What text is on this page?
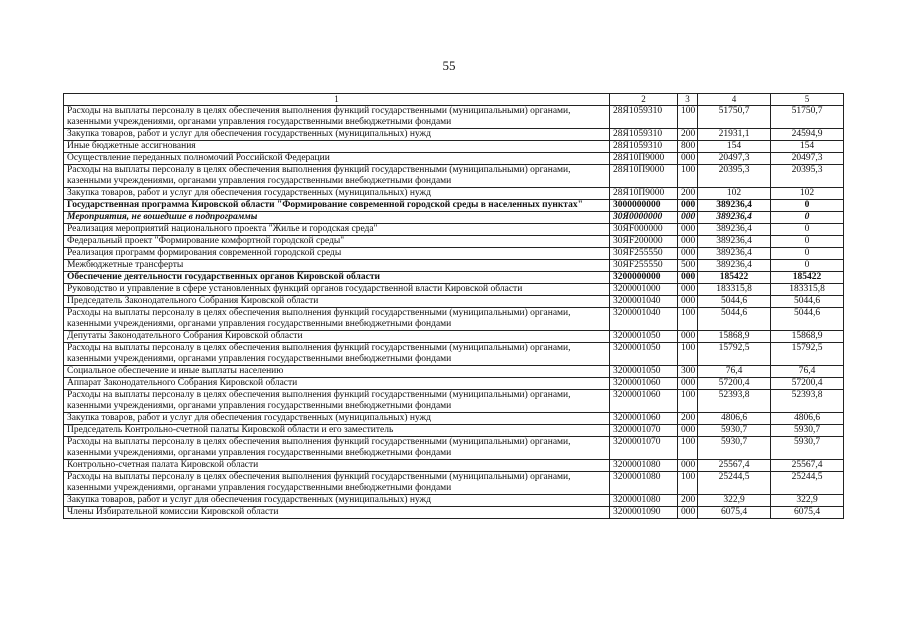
55
1	2	3	4	5
Расходы на выплаты персоналу в целях обеспечения выполнения функций государственными (муниципальными) органами, казенными учреждениями, органами управления государственными внебюджетными фондами	28Я1059310	100	51750,7	51750,7
Закупка товаров, работ и услуг для обеспечения государственных (муниципальных) нужд	28Я1059310	200	21931,1	24594,9
Иные бюджетные ассигнования	28Я1059310	800	154	154
Осуществление переданных полномочий Российской Федерации	28Я10П9000	000	20497,3	20497,3
Расходы на выплаты персоналу в целях обеспечения выполнения функций государственными (муниципальными) органами, казенными учреждениями, органами управления государственными внебюджетными фондами	28Я10П9000	100	20395,3	20395,3
Закупка товаров, работ и услуг для обеспечения государственных (муниципальных) нужд	28Я10П9000	200	102	102
Государственная программа Кировской области "Формирование современной городской среды в населенных пунктах"	3000000000	000	389236,4	0
Мероприятия, не вошедшие в подпрограммы	30Я0000000	000	389236,4	0
Реализация мероприятий национального проекта "Жилье и городская среда"	30ЯF000000	000	389236,4	0
Федеральный проект "Формирование комфортной городской среды"	30ЯF200000	000	389236,4	0
Реализация программ формирования современной городской среды	30ЯF255550	000	389236,4	0
Межбюджетные трансферты	30ЯF255550	500	389236,4	0
Обеспечение деятельности государственных органов Кировской области	3200000000	000	185422	185422
Руководство и управление в сфере установленных функций органов государственной власти Кировской области	3200001000	000	183315,8	183315,8
Председатель Законодательного Собрания Кировской области	3200001040	000	5044,6	5044,6
Расходы на выплаты персоналу в целях обеспечения выполнения функций государственными (муниципальными) органами, казенными учреждениями, органами управления государственными внебюджетными фондами	3200001040	100	5044,6	5044,6
Депутаты Законодательного Собрания Кировской области	3200001050	000	15868,9	15868,9
Расходы на выплаты персоналу в целях обеспечения выполнения функций государственными (муниципальными) органами, казенными учреждениями, органами управления государственными внебюджетными фондами	3200001050	100	15792,5	15792,5
Социальное обеспечение и иные выплаты населению	3200001050	300	76,4	76,4
Аппарат Законодательного Собрания Кировской области	3200001060	000	57200,4	57200,4
Расходы на выплаты персоналу в целях обеспечения выполнения функций государственными (муниципальными) органами, казенными учреждениями, органами управления государственными внебюджетными фондами	3200001060	100	52393,8	52393,8
Закупка товаров, работ и услуг для обеспечения государственных (муниципальных) нужд	3200001060	200	4806,6	4806,6
Председатель Контрольно-счетной палаты Кировской области и его заместитель	3200001070	000	5930,7	5930,7
Расходы на выплаты персоналу в целях обеспечения выполнения функций государственными (муниципальными) органами, казенными учреждениями, органами управления государственными внебюджетными фондами	3200001070	100	5930,7	5930,7
Контрольно-счетная палата Кировской области	3200001080	000	25567,4	25567,4
Расходы на выплаты персоналу в целях обеспечения выполнения функций государственными (муниципальными) органами, казенными учреждениями, органами управления государственными внебюджетными фондами	3200001080	100	25244,5	25244,5
Закупка товаров, работ и услуг для обеспечения государственных (муниципальных) нужд	3200001080	200	322,9	322,9
Члены Избирательной комиссии Кировской области	3200001090	000	6075,4	6075,4
